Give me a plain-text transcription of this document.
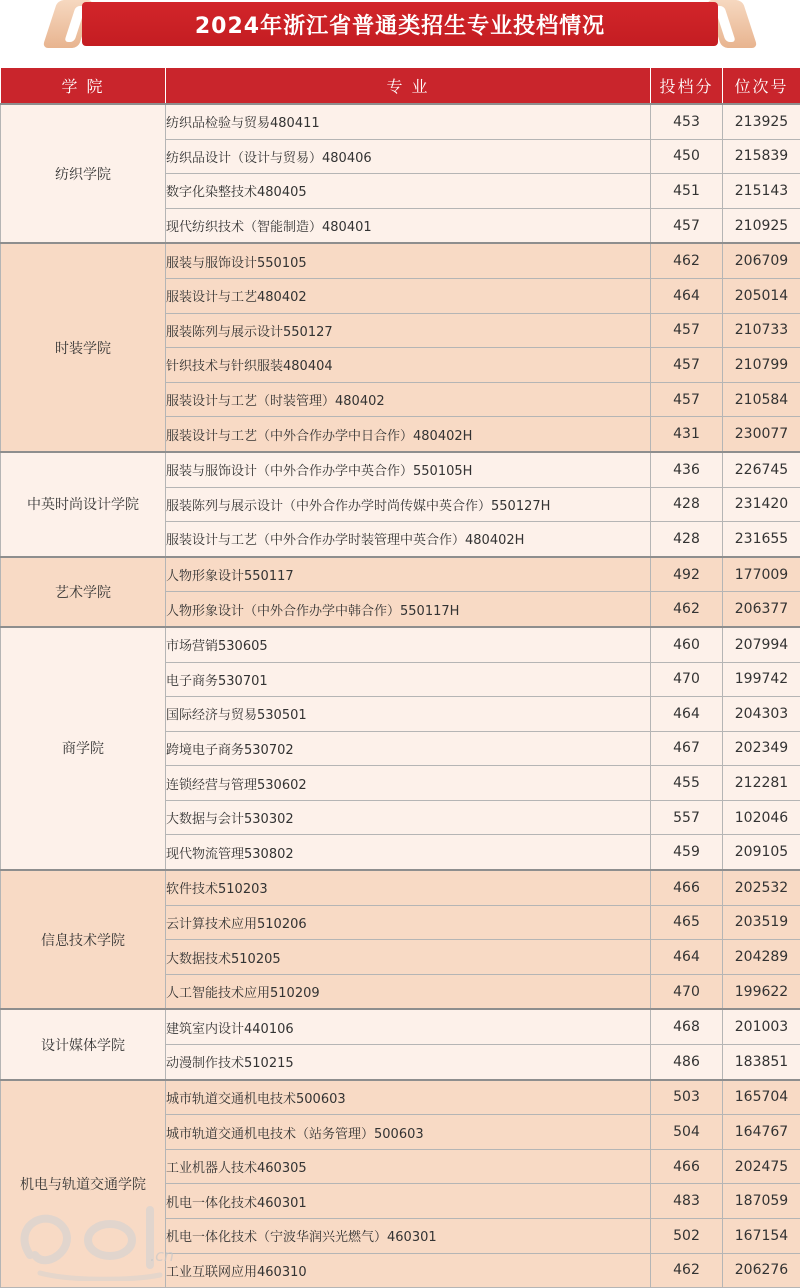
2024年浙江省普通类招生专业投档情况
学 院	专 业	投档分	位次号
纺织学院	纺织品检验与贸易480411	453	213925
	纺织品设计（设计与贸易）480406	450	215839
	数字化染整技术480405	451	215143
	现代纺织技术（智能制造）480401	457	210925
时装学院	服装与服饰设计550105	462	206709
	服装设计与工艺480402	464	205014
	服装陈列与展示设计550127	457	210733
	针织技术与针织服装480404	457	210799
	服装设计与工艺（时装管理）480402	457	210584
	服装设计与工艺（中外合作办学中日合作）480402H	431	230077
中英时尚设计学院	服装与服饰设计（中外合作办学中英合作）550105H	436	226745
	服装陈列与展示设计（中外合作办学时尚传媒中英合作）550127H	428	231420
	服装设计与工艺（中外合作办学时装管理中英合作）480402H	428	231655
艺术学院	人物形象设计550117	492	177009
	人物形象设计（中外合作办学中韩合作）550117H	462	206377
商学院	市场营销530605	460	207994
	电子商务530701	470	199742
	国际经济与贸易530501	464	204303
	跨境电子商务530702	467	202349
	连锁经营与管理530602	455	212281
	大数据与会计530302	557	102046
	现代物流管理530802	459	209105
信息技术学院	软件技术510203	466	202532
	云计算技术应用510206	465	203519
	大数据技术510205	464	204289
	人工智能技术应用510209	470	199622
设计媒体学院	建筑室内设计440106	468	201003
	动漫制作技术510215	486	183851
机电与轨道交通学院	城市轨道交通机电技术500603	503	165704
	城市轨道交通机电技术（站务管理）500603	504	164767
	工业机器人技术460305	466	202475
	机电一体化技术460301	483	187059
	机电一体化技术（宁波华润兴光燃气）460301	502	167154
	工业互联网应用460310	462	206276
.cn
